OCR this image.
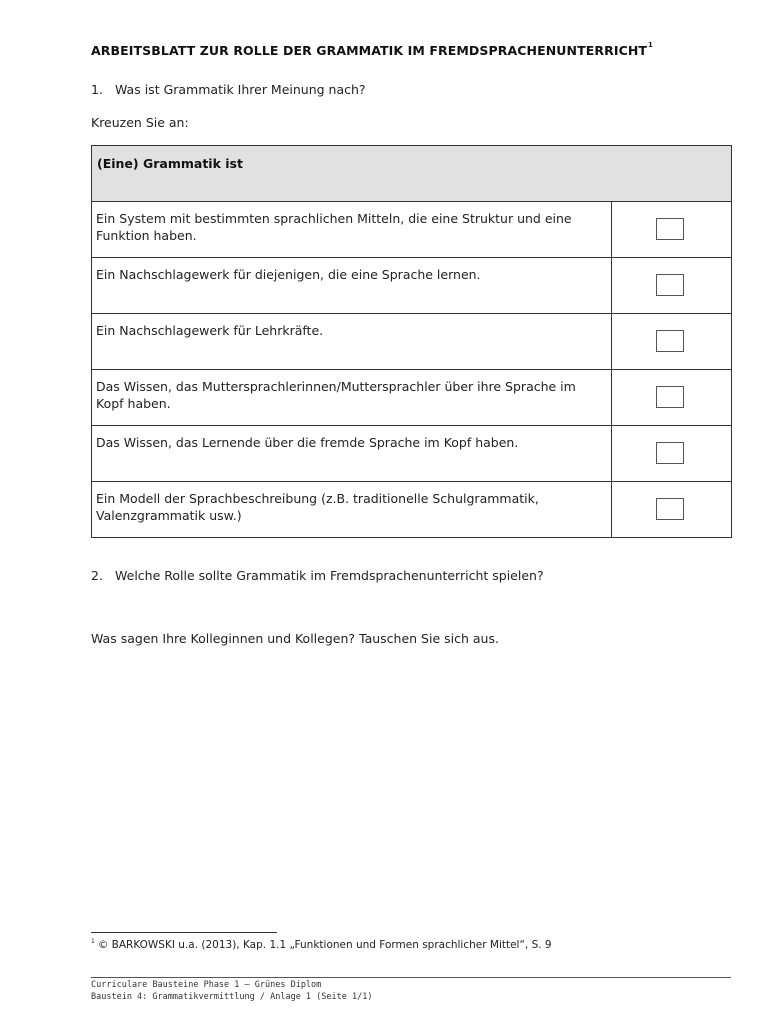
ARBEITSBLATT ZUR ROLLE DER GRAMMATIK IM FREMDSPRACHENUNTERRICHT$^1$
1. Was ist Grammatik Ihrer Meinung nach?
Kreuzen Sie an:
(Eine) Grammatik ist	

Ein System mit bestimmten sprachlichen Mitteln, die eine Struktur und eine
Funktion haben.	

Ein Nachschlagewerk für diejenigen, die eine Sprache lernen.	

Ein Nachschlagewerk für Lehrkräfte.	

Das Wissen, das Muttersprachlerinnen/Muttersprachler über ihre Sprache im
Kopf haben.	

Das Wissen, das Lernende über die fremde Sprache im Kopf haben.	

Ein Modell der Sprachbeschreibung (z.B. traditionelle Schulgrammatik,
Valenzgrammatik usw.)	

2. Welche Rolle sollte Grammatik im Fremdsprachenunterricht spielen?
Was sagen Ihre Kolleginnen und Kollegen? Tauschen Sie sich aus.
$^1$ © BARKOWSKI u.a. (2013), Kap. 1.1 „Funktionen und Formen sprachlicher Mittel“, S. 9
Curriculare Bausteine Phase 1 – Grünes Diplom
Baustein 4: Grammatikvermittlung / Anlage 1 (Seite 1/1)
